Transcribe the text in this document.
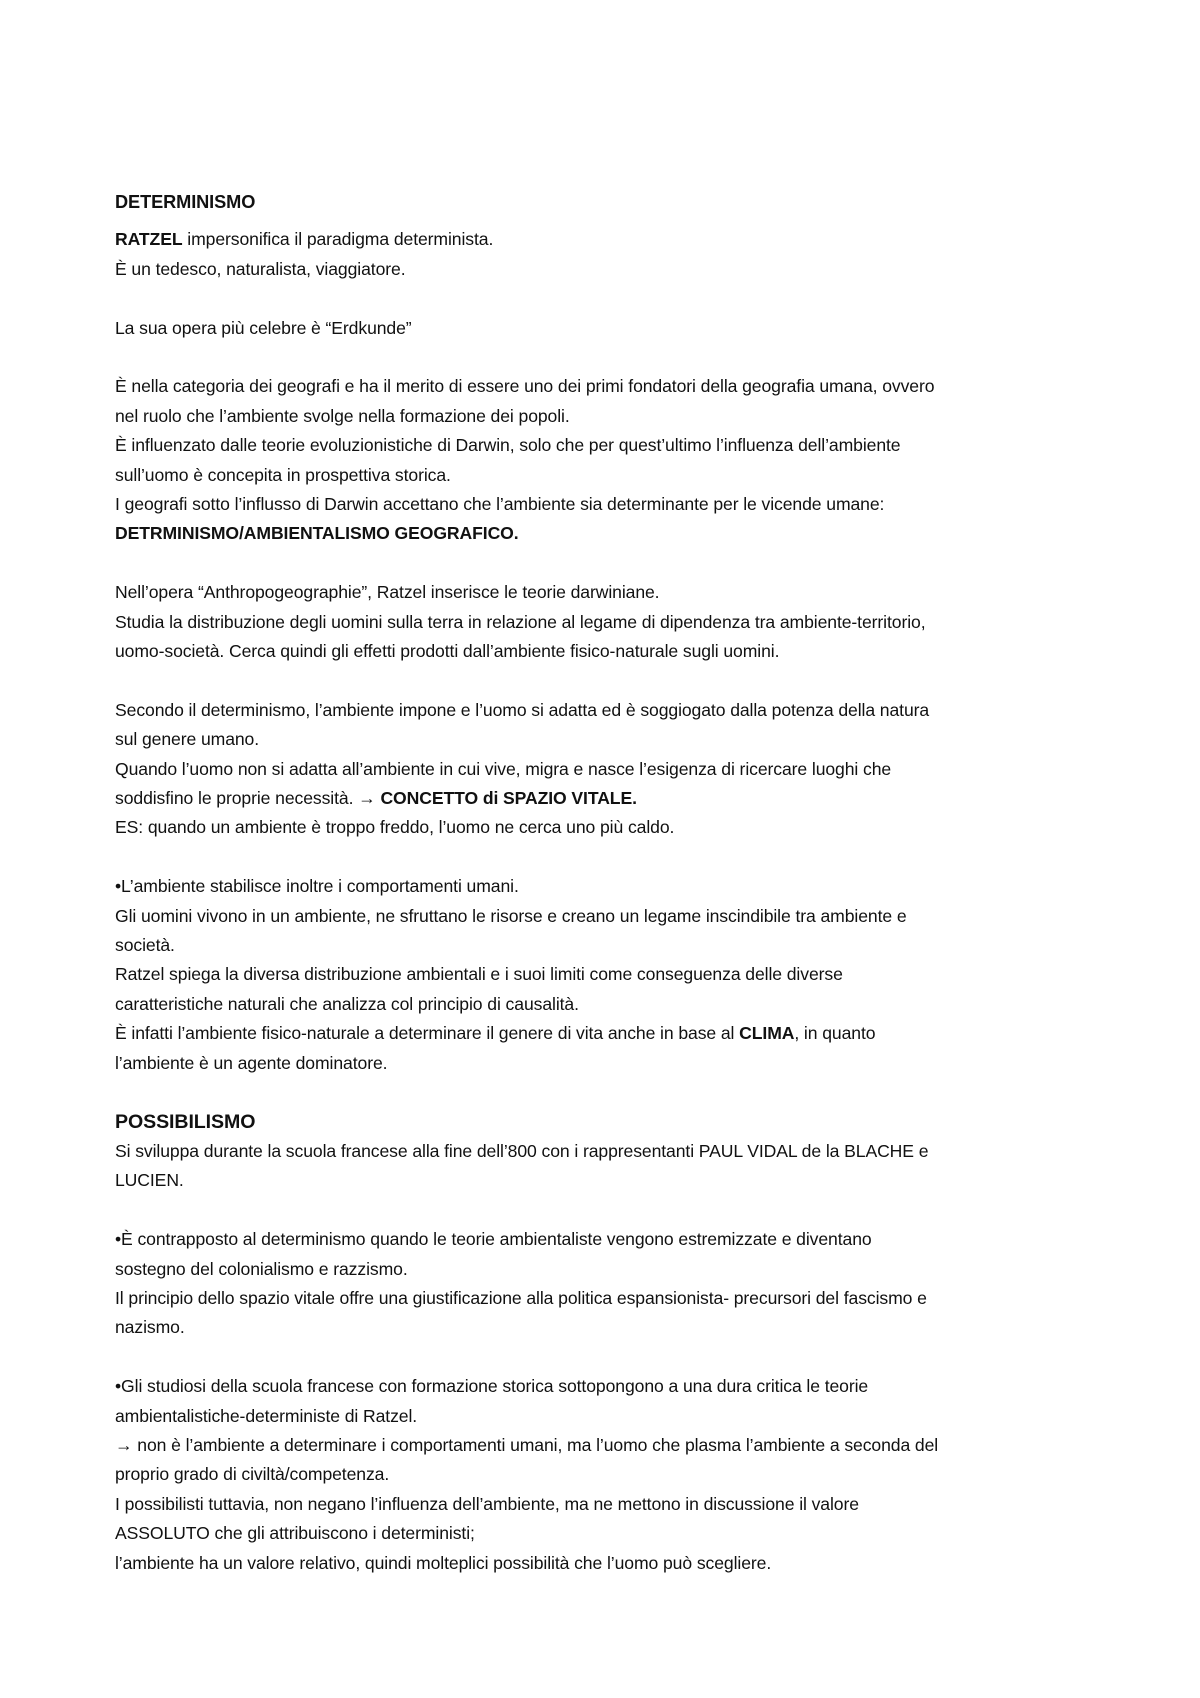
DETERMINISMO
RATZEL impersonifica il paradigma determinista.
È un tedesco, naturalista, viaggiatore.
La sua opera più celebre è “Erdkunde”
È nella categoria dei geografi e ha il merito di essere uno dei primi fondatori della geografia umana, ovvero
nel ruolo che l’ambiente svolge nella formazione dei popoli.
È influenzato dalle teorie evoluzionistiche di Darwin, solo che per quest’ultimo l’influenza dell’ambiente
sull’uomo è concepita in prospettiva storica.
I geografi sotto l’influsso di Darwin accettano che l’ambiente sia determinante per le vicende umane:
DETRMINISMO/AMBIENTALISMO GEOGRAFICO.
Nell’opera “Anthropogeographie”, Ratzel inserisce le teorie darwiniane.
Studia la distribuzione degli uomini sulla terra in relazione al legame di dipendenza tra ambiente-territorio,
uomo-società. Cerca quindi gli effetti prodotti dall’ambiente fisico-naturale sugli uomini.
Secondo il determinismo, l’ambiente impone e l’uomo si adatta ed è soggiogato dalla potenza della natura
sul genere umano.
Quando l’uomo non si adatta all’ambiente in cui vive, migra e nasce l’esigenza di ricercare luoghi che
soddisfino le proprie necessità. → CONCETTO di SPAZIO VITALE.
ES: quando un ambiente è troppo freddo, l’uomo ne cerca uno più caldo.
•L’ambiente stabilisce inoltre i comportamenti umani.
Gli uomini vivono in un ambiente, ne sfruttano le risorse e creano un legame inscindibile tra ambiente e
società.
Ratzel spiega la diversa distribuzione ambientali e i suoi limiti come conseguenza delle diverse
caratteristiche naturali che analizza col principio di causalità.
È infatti l’ambiente fisico-naturale a determinare il genere di vita anche in base al CLIMA, in quanto
l’ambiente è un agente dominatore.
POSSIBILISMO
Si sviluppa durante la scuola francese alla fine dell’800 con i rappresentanti PAUL VIDAL de la BLACHE e
LUCIEN.
•È contrapposto al determinismo quando le teorie ambientaliste vengono estremizzate e diventano
sostegno del colonialismo e razzismo.
Il principio dello spazio vitale offre una giustificazione alla politica espansionista- precursori del fascismo e
nazismo.
•Gli studiosi della scuola francese con formazione storica sottopongono a una dura critica le teorie
ambientalistiche-deterministe di Ratzel.
→ non è l’ambiente a determinare i comportamenti umani, ma l’uomo che plasma l’ambiente a seconda del
proprio grado di civiltà/competenza.
I possibilisti tuttavia, non negano l’influenza dell’ambiente, ma ne mettono in discussione il valore
ASSOLUTO che gli attribuiscono i deterministi;
l’ambiente ha un valore relativo, quindi molteplici possibilità che l’uomo può scegliere.
